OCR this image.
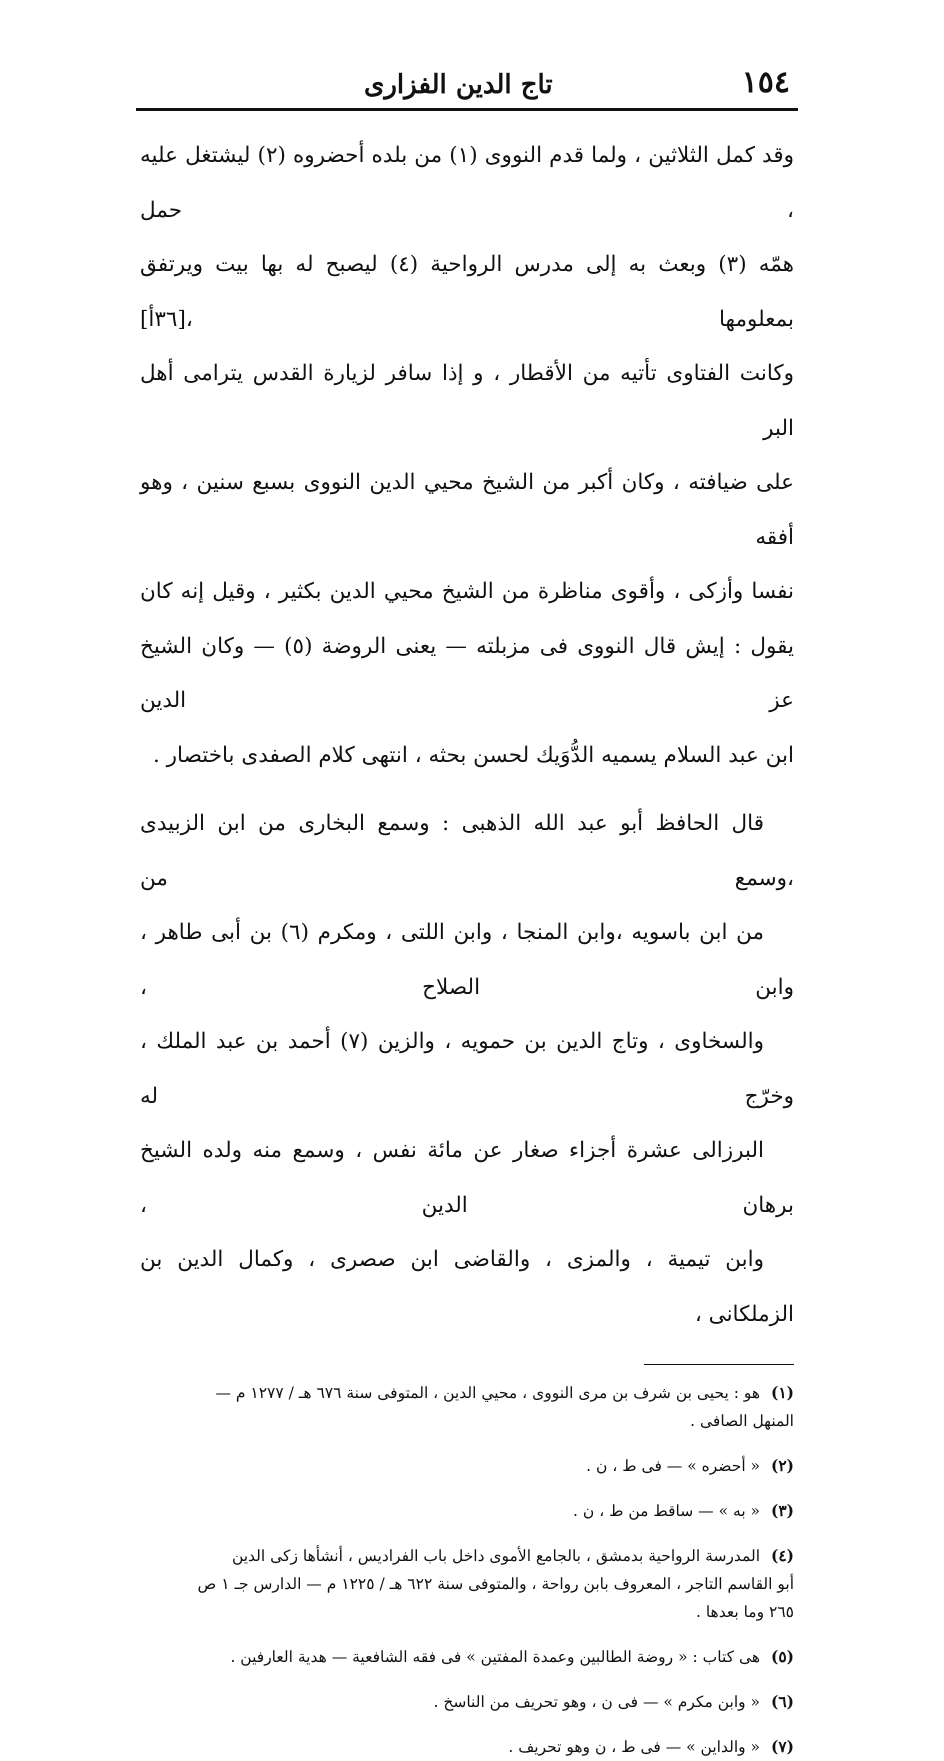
١٥٤
تاج الدين الفزارى

وقد كمل الثلاثين ، ولما قدم النووى (١) من بلده أحضروه (٢) ليشتغل عليه ، حمل
همّه (٣) وبعث به إلى مدرس الرواحية (٤) ليصبح له بها بيت ويرتفق بمعلومها ،[٣٦أ]
وكانت الفتاوى تأتيه من الأقطار ، و إذا سافر لزيارة القدس يترامى أهل البر
على ضيافته ، وكان أكبر من الشيخ محيي الدين النووى بسبع سنين ، وهو أفقه
نفسا وأزكى ، وأقوى مناظرة من الشيخ محيي الدين بكثير ، وقيل إنه كان
يقول : إيش قال النووى فى مزبلته — يعنى الروضة (٥) — وكان الشيخ عز الدين
ابن عبد السلام يسميه الدُّوَيك لحسن بحثه ، انتهى كلام الصفدى باختصار .

قال الحافظ أبو عبد الله الذهبى : وسمع البخارى من ابن الزبيدى ،وسمع من
من ابن باسويه ،وابن المنجا ، وابن اللتى ، ومكرم (٦) بن أبى طاهر ، وابن الصلاح ،
والسخاوى ، وتاج الدين بن حمويه ، والزين (٧) أحمد بن عبد الملك ، وخرّج له
البرزالى عشرة أجزاء صغار عن مائة نفس ، وسمع منه ولده الشيخ برهان الدين ،
وابن تيمية ، والمزى ، والقاضى ابن صصرى ، وكمال الدين بن الزملكانى ،

(١) هو : يحيى بن شرف بن مرى النووى ، محيي الدين ، المتوفى سنة ٦٧٦ هـ / ١٢٧٧ م —
المنهل الصافى .

(٢) « أحضره » — فى ط ، ن .

(٣) « به » — ساقط من ط ، ن .

(٤) المدرسة الرواحية بدمشق ، بالجامع الأموى داخل باب الفراديس ، أنشأها زكى الدين
أبو القاسم التاجر ، المعروف بابن رواحة ، والمتوفى سنة ٦٢٢ هـ / ١٢٢٥ م — الدارس جـ ١ ص
٢٦٥ وما بعدها .

(٥) هى كتاب : « روضة الطالبين وعمدة المفتين » فى فقه الشافعية — هدية العارفين .

(٦) « وابن مكرم » — فى ن ، وهو تحريف من الناسخ .

(٧) « والداين » — فى ط ، ن وهو تحريف .
